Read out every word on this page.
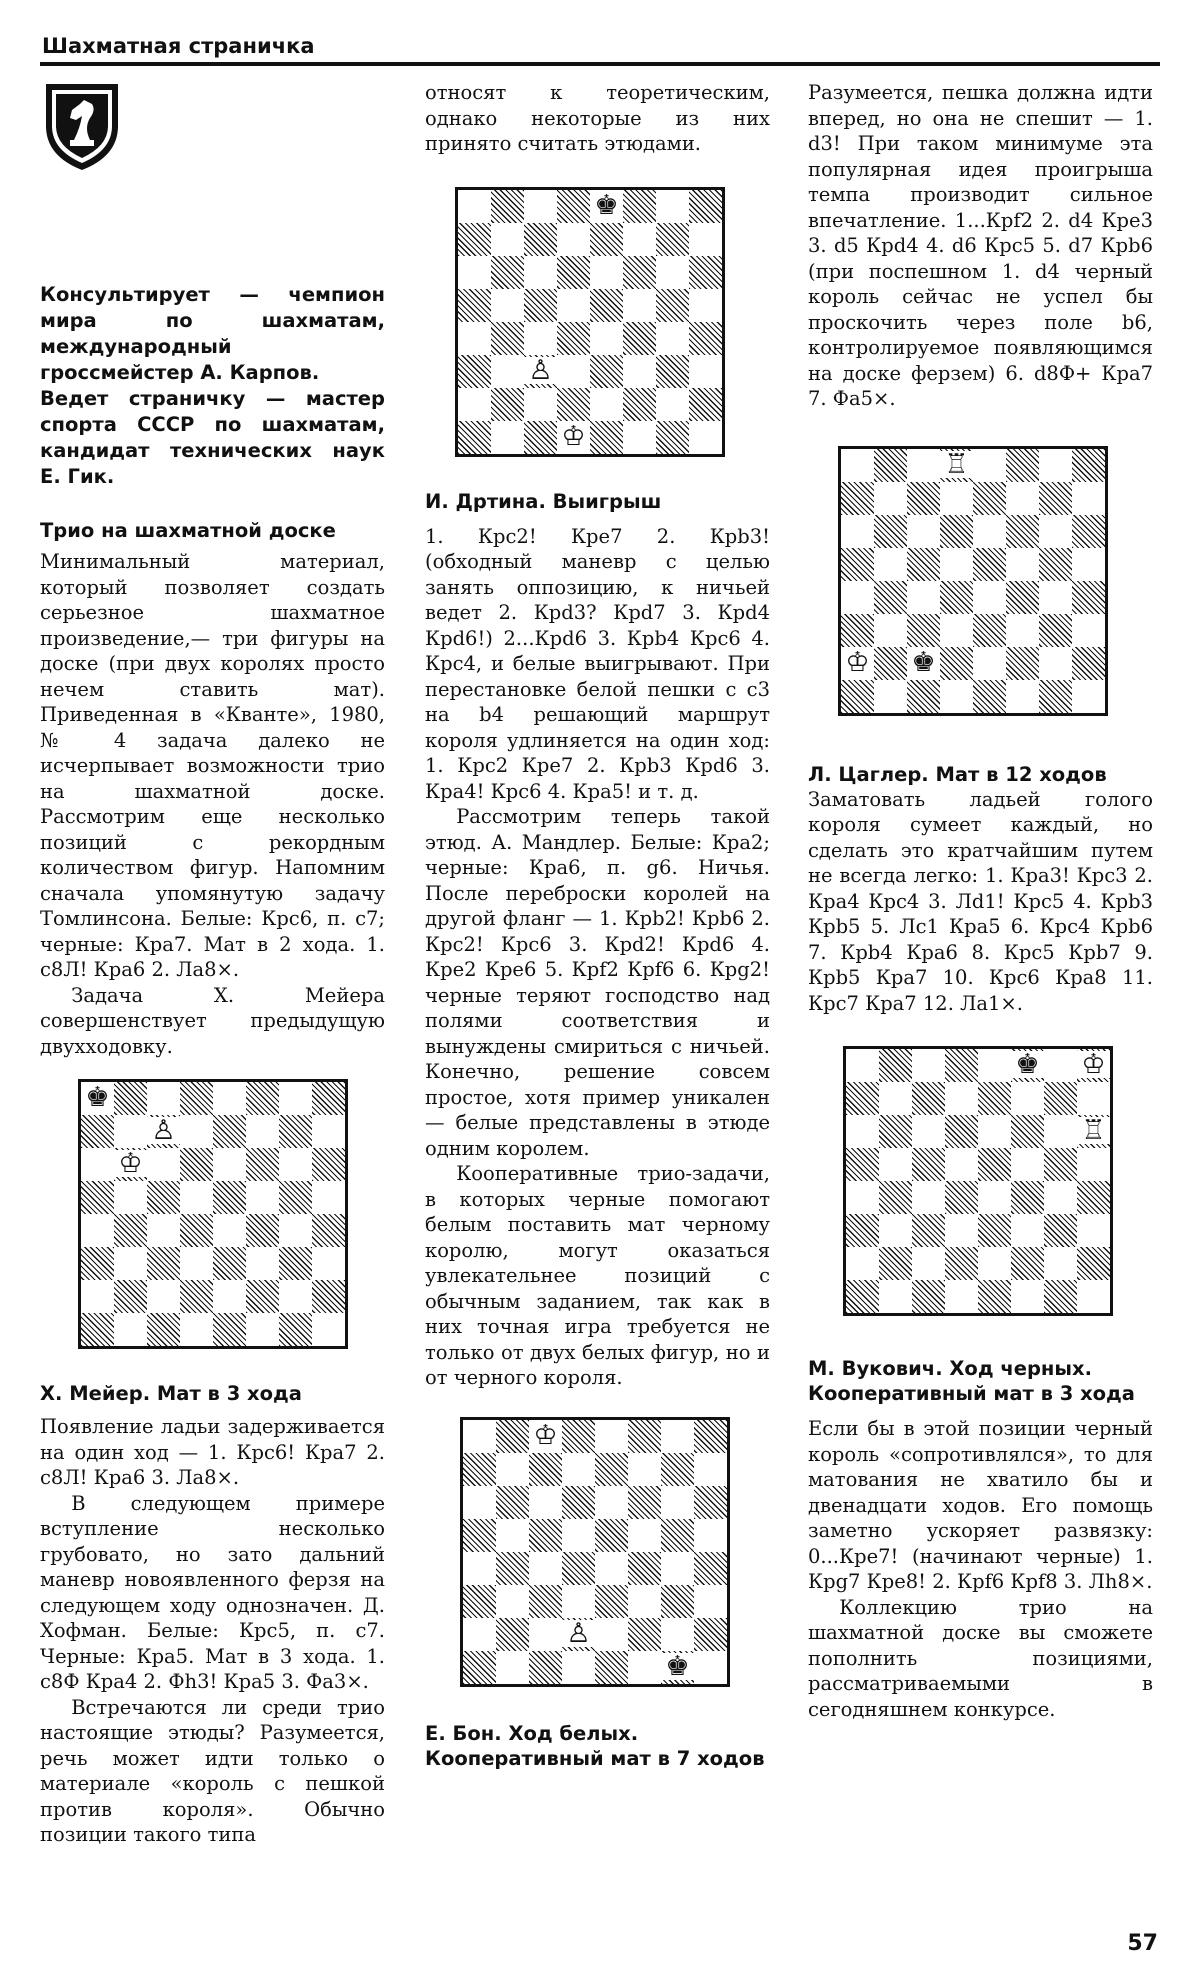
Шахматная страничка

Консультирует — чемпион мира по шахматам, международный гроссмейстер А. Карпов.

Ведет страничку — мастер спорта СССР по шахматам, кандидат технических наук Е. Гик.

Трио на шахматной доске

Минимальный материал, который позволяет создать серьезное шахматное произведение,— три фигуры на доске (при двух королях просто нечем ставить мат). Приведенная в «Кванте», 1980, № 4 задача далеко не исчерпывает возможности трио на шахматной доске. Рассмотрим еще несколько позиций с рекордным количеством фигур. Напомним сначала упомянутую задачу Томлинсона. Белые: Крс6, п. с7; черные: Кра7. Мат в 2 хода. 1. с8Л! Кра6 2. Ла8×.

Задача Х. Мейера совершенствует предыдущую двухходовку.

♚
♙
♔

Х. Мейер. Мат в 3 хода

Появление ладьи задерживается на один ход — 1. Крс6! Кра7 2. с8Л! Кра6 3. Ла8×.

В следующем примере вступление несколько грубовато, но зато дальний маневр новоявленного ферзя на следующем ходу однозначен. Д. Хофман. Белые: Крс5, п. с7. Черные: Кра5. Мат в 3 хода. 1. с8Ф Кра4 2. Фh3! Кра5 3. Фа3×.

Встречаются ли среди трио настоящие этюды? Разумеется, речь может идти только о материале «король с пешкой против короля». Обычно позиции такого типа

относят к теоретическим, однако некоторые из них принято считать этюдами.

♚
♙
♔

И. Дртина. Выигрыш

1. Крс2! Кре7 2. Крb3! (обходный маневр с целью занять оппозицию, к ничьей ведет 2. Крd3? Крd7 3. Крd4 Крd6!) 2...Крd6 3. Крb4 Крс6 4. Крс4, и белые выигрывают. При перестановке белой пешки с с3 на b4 решающий маршрут короля удлиняется на один ход: 1. Крс2 Кре7 2. Крb3 Крd6 3. Кра4! Крс6 4. Кра5! и т. д.

Рассмотрим теперь такой этюд. А. Мандлер. Белые: Кра2; черные: Кра6, п. g6. Ничья. После переброски королей на другой фланг — 1. Крb2! Крb6 2. Крс2! Крс6 3. Крd2! Крd6 4. Кре2 Кре6 5. Крf2 Крf6 6. Крg2! черные теряют господство над полями соответствия и вынуждены смириться с ничьей. Конечно, решение совсем простое, хотя пример уникален — белые представлены в этюде одним королем.

Кооперативные трио-задачи, в которых черные помогают белым поставить мат черному королю, могут оказаться увлекательнее позиций с обычным заданием, так как в них точная игра требуется не только от двух белых фигур, но и от черного короля.

♔
♙
♚

Е. Бон. Ход белых. Кооперативный мат в 7 ходов

Разумеется, пешка должна идти вперед, но она не спешит — 1. d3! При таком минимуме эта популярная идея проигрыша темпа производит сильное впечатление. 1...Крf2 2. d4 Кре3 3. d5 Крd4 4. d6 Крс5 5. d7 Крb6 (при поспешном 1. d4 черный король сейчас не успел бы проскочить через поле b6, контролируемое появляющимся на доске ферзем) 6. d8Ф+ Кра7 7. Фа5×.

♖
♔ ♚

Л. Цаглер. Мат в 12 ходов

Заматовать ладьей голого короля сумеет каждый, но сделать это кратчайшим путем не всегда легко: 1. Кра3! Крс3 2. Кра4 Крс4 3. Лd1! Крс5 4. Крb3 Крb5 5. Лс1 Кра5 6. Крс4 Крb6 7. Крb4 Кра6 8. Крс5 Крb7 9. Крb5 Кра7 10. Крс6 Кра8 11. Крс7 Кра7 12. Ла1×.

♚ ♔
♖

М. Вукович. Ход черных. Кооперативный мат в 3 хода

Если бы в этой позиции черный король «сопротивлялся», то для матования не хватило бы и двенадцати ходов. Его помощь заметно ускоряет развязку: 0...Кре7! (начинают черные) 1. Крg7 Кре8! 2. Крf6 Крf8 3. Лh8×.

Коллекцию трио на шахматной доске вы сможете пополнить позициями, рассматриваемыми в сегодняшнем конкурсе.

57
